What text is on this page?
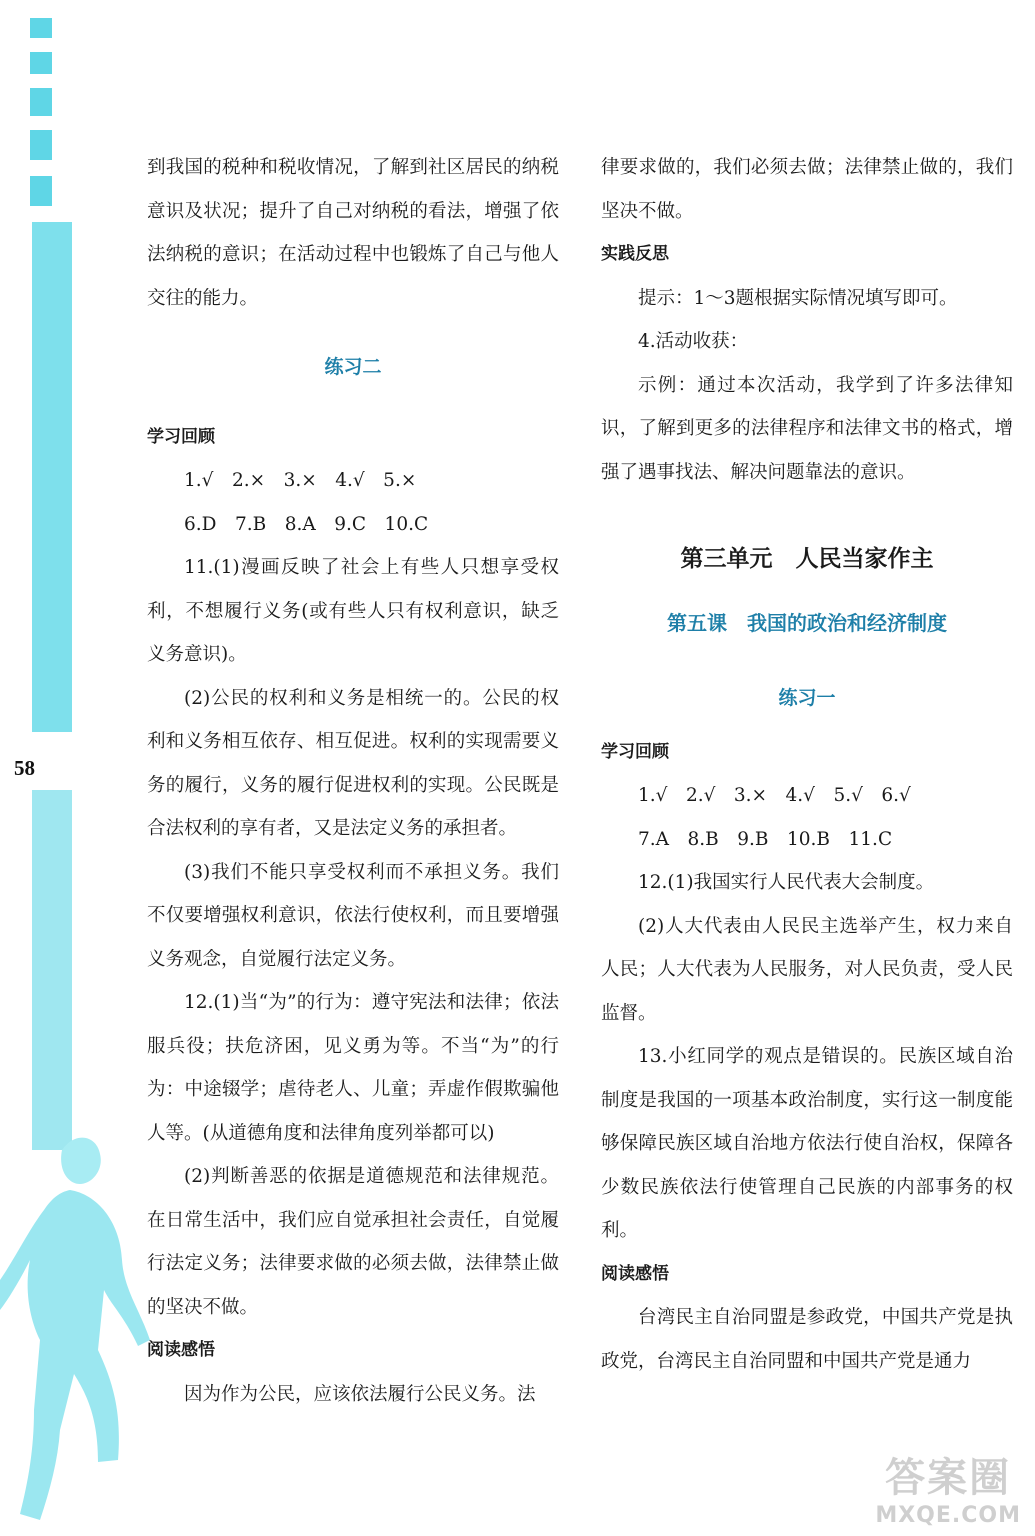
58

到我国的税种和税收情况，了解到社区居民的纳税意识及状况；提升了自己对纳税的看法，增强了依法纳税的意识；在活动过程中也锻炼了自己与他人交往的能力。

练习二

学习回顾

1.√　2.×　3.×　4.√　5.×

6.D　7.B　8.A　9.C　10.C

11.(1)漫画反映了社会上有些人只想享受权利，不想履行义务(或有些人只有权利意识，缺乏义务意识)。

(2)公民的权利和义务是相统一的。公民的权利和义务相互依存、相互促进。权利的实现需要义务的履行，义务的履行促进权利的实现。公民既是合法权利的享有者，又是法定义务的承担者。

(3)我们不能只享受权利而不承担义务。我们不仅要增强权利意识，依法行使权利，而且要增强义务观念，自觉履行法定义务。

12.(1)当“为”的行为：遵守宪法和法律；依法服兵役；扶危济困，见义勇为等。不当“为”的行为：中途辍学；虐待老人、儿童；弄虚作假欺骗他人等。(从道德角度和法律角度列举都可以)

(2)判断善恶的依据是道德规范和法律规范。在日常生活中，我们应自觉承担社会责任，自觉履行法定义务；法律要求做的必须去做，法律禁止做的坚决不做。

阅读感悟

因为作为公民，应该依法履行公民义务。法

律要求做的，我们必须去做；法律禁止做的，我们坚决不做。

实践反思

提示：1～3题根据实际情况填写即可。

4.活动收获：

示例：通过本次活动，我学到了许多法律知识，了解到更多的法律程序和法律文书的格式，增强了遇事找法、解决问题靠法的意识。

第三单元　人民当家作主

第五课　我国的政治和经济制度

练习一

学习回顾

1.√　2.√　3.×　4.√　5.√　6.√

7.A　8.B　9.B　10.B　11.C

12.(1)我国实行人民代表大会制度。

(2)人大代表由人民民主选举产生，权力来自人民；人大代表为人民服务，对人民负责，受人民监督。

13.小红同学的观点是错误的。民族区域自治制度是我国的一项基本政治制度，实行这一制度能够保障民族区域自治地方依法行使自治权，保障各少数民族依法行使管理自己民族的内部事务的权利。

阅读感悟

台湾民主自治同盟是参政党，中国共产党是执政党，台湾民主自治同盟和中国共产党是通力

答案圈
MXQE.COM
